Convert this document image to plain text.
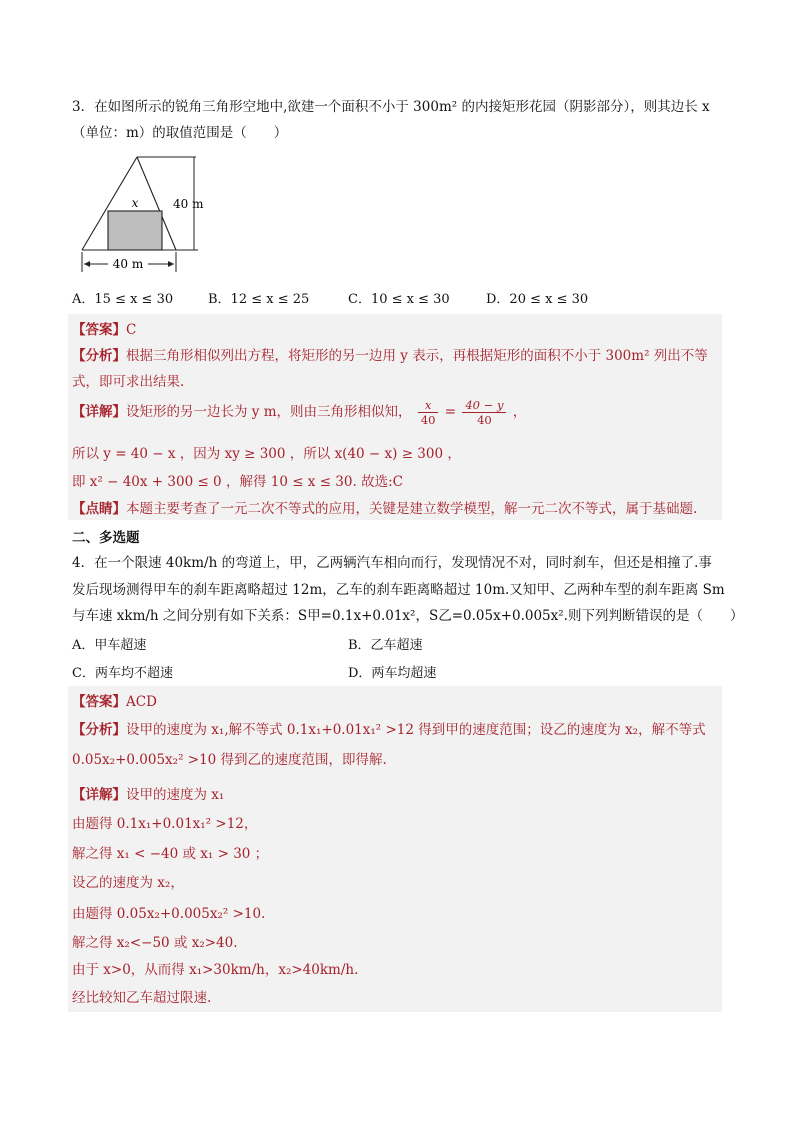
3．在如图所示的锐角三角形空地中,欲建一个面积不小于 300m² 的内接矩形花园（阴影部分），则其边长 x
（单位：m）的取值范围是（　　）
x	40 m
40 m
A．15 ≤ x ≤ 30	B．12 ≤ x ≤ 25	C．10 ≤ x ≤ 30	D．20 ≤ x ≤ 30
【答案】C
【分析】根据三角形相似列出方程，将矩形的另一边用 y 表示，再根据矩形的面积不小于 300m² 列出不等
式，即可求出结果.
【详解】设矩形的另一边长为 y m，则由三角形相似知， $\frac{x}{40} = \frac{40 - y}{40}$ ，
所以 y = 40 − x ，因为 xy ≥ 300 ，所以 x(40 − x) ≥ 300 ，
即 x² − 40x + 300 ≤ 0 ，解得 10 ≤ x ≤ 30. 故选:C
【点睛】本题主要考查了一元二次不等式的应用，关键是建立数学模型，解一元二次不等式，属于基础题.
二、多选题
4．在一个限速 40km/h 的弯道上，甲，乙两辆汽车相向而行，发现情况不对，同时刹车，但还是相撞了.事
发后现场测得甲车的刹车距离略超过 12m，乙车的刹车距离略超过 10m.又知甲、乙两种车型的刹车距离 Sm
与车速 xkm/h 之间分别有如下关系：S甲=0.1x+0.01x²，S乙=0.05x+0.005x².则下列判断错误的是（　　）
A．甲车超速	B．乙车超速
C．两车均不超速	D．两车均超速
【答案】ACD
【分析】设甲的速度为 x₁,解不等式 0.1x₁+0.01x₁² >12 得到甲的速度范围；设乙的速度为 x₂，解不等式
0.05x₂+0.005x₂² >10 得到乙的速度范围，即得解.
【详解】设甲的速度为 x₁
由题得 0.1x₁+0.01x₁² >12，
解之得 x₁ < −40 或 x₁ > 30 ；
设乙的速度为 x₂，
由题得 0.05x₂+0.005x₂² >10.
解之得 x₂<−50 或 x₂>40.
由于 x>0，从而得 x₁>30km/h，x₂>40km/h.
经比较知乙车超过限速.
